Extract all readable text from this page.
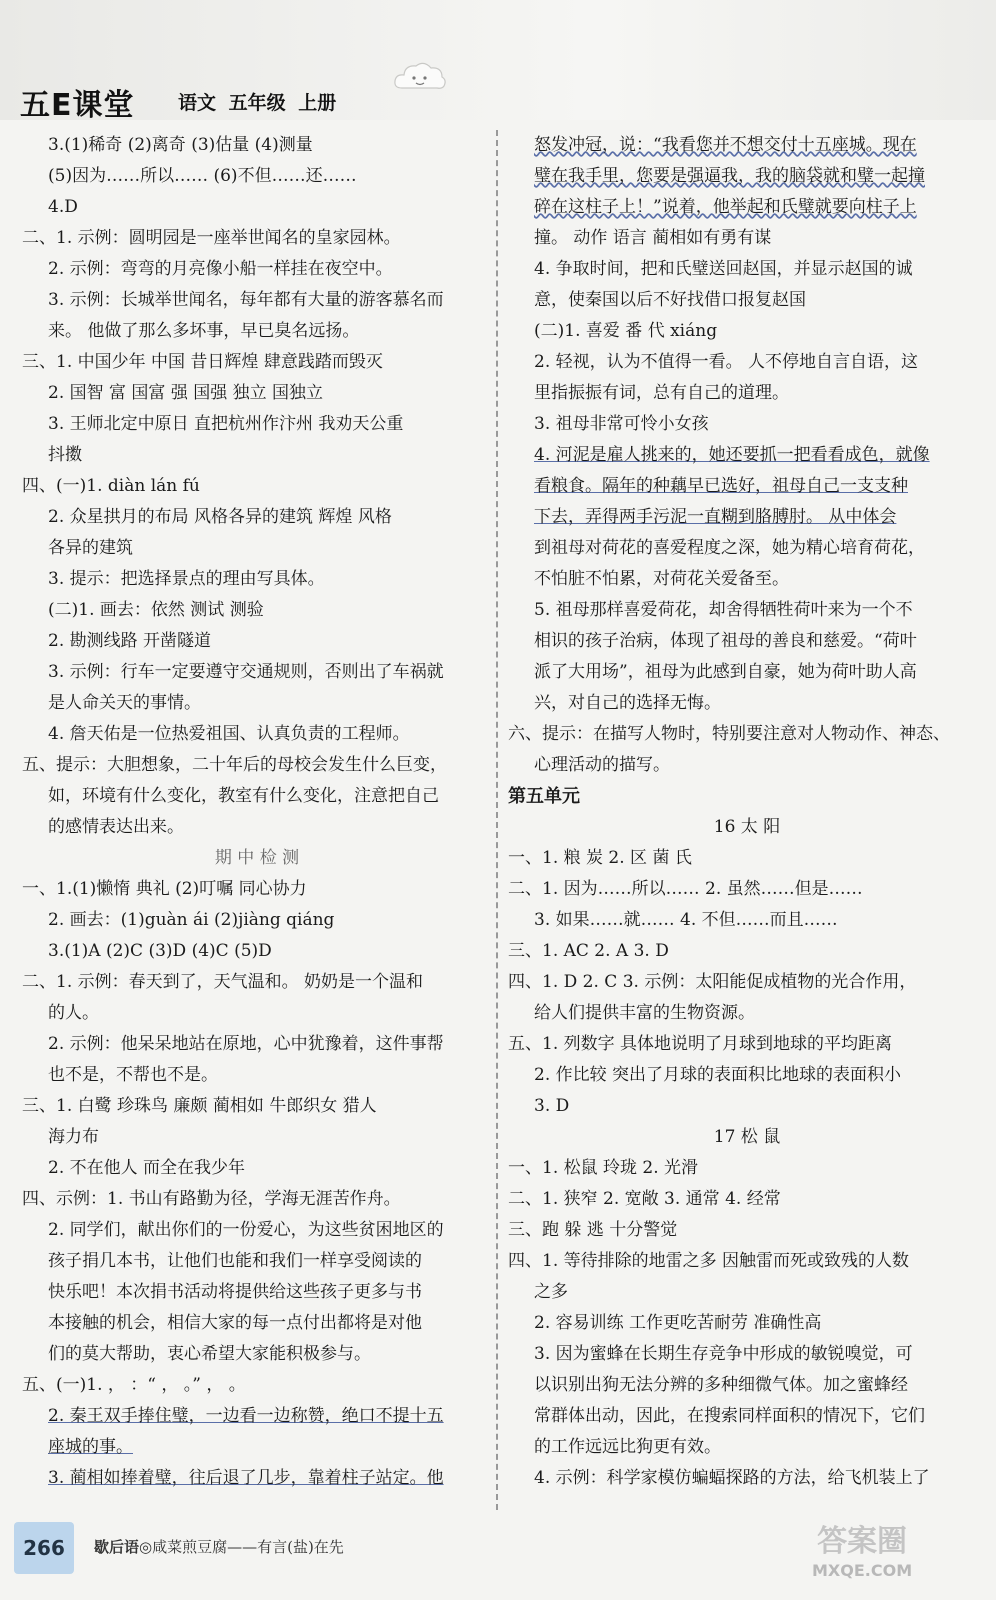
五E课堂 语文 五年级 上册
3.(1)稀奇 (2)离奇 (3)估量 (4)测量
(5)因为……所以…… (6)不但……还……
4.D
二、1. 示例：圆明园是一座举世闻名的皇家园林。
2. 示例：弯弯的月亮像小船一样挂在夜空中。
3. 示例：长城举世闻名，每年都有大量的游客慕名而
来。 他做了那么多坏事，早已臭名远扬。
三、1. 中国少年 中国 昔日辉煌 肆意践踏而毁灭
2. 国智 富 国富 强 国强 独立 国独立
3. 王师北定中原日 直把杭州作汴州 我劝天公重
抖擞
四、(一)1. diàn lán fú
2. 众星拱月的布局 风格各异的建筑 辉煌 风格
各异的建筑
3. 提示：把选择景点的理由写具体。
(二)1. 画去：依然 测试 测验
2. 勘测线路 开凿隧道
3. 示例：行车一定要遵守交通规则，否则出了车祸就
是人命关天的事情。
4. 詹天佑是一位热爱祖国、认真负责的工程师。
五、提示：大胆想象，二十年后的母校会发生什么巨变，
如，环境有什么变化，教室有什么变化，注意把自己
的感情表达出来。
期 中 检 测
一、1.(1)懒惰 典礼 (2)叮嘱 同心协力
2. 画去：(1)guàn ái (2)jiàng qiáng
3.(1)A (2)C (3)D (4)C (5)D
二、1. 示例：春天到了，天气温和。 奶奶是一个温和
的人。
2. 示例：他呆呆地站在原地，心中犹豫着，这件事帮
也不是，不帮也不是。
三、1. 白鹭 珍珠鸟 廉颇 蔺相如 牛郎织女 猎人
海力布
2. 不在他人 而全在我少年
四、示例：1. 书山有路勤为径，学海无涯苦作舟。
2. 同学们，献出你们的一份爱心，为这些贫困地区的
孩子捐几本书，让他们也能和我们一样享受阅读的
快乐吧！本次捐书活动将提供给这些孩子更多与书
本接触的机会，相信大家的每一点付出都将是对他
们的莫大帮助，衷心希望大家能积极参与。
五、(一)1. ， ：“ ， 。” ， 。
2. 秦王双手捧住璧，一边看一边称赞，绝口不提十五
座城的事。
3. 蔺相如捧着璧，往后退了几步，靠着柱子站定。他
怒发冲冠，说：“我看您并不想交付十五座城。现在
璧在我手里，您要是强逼我，我的脑袋就和璧一起撞
碎在这柱子上！”说着，他举起和氏璧就要向柱子上
撞。 动作 语言 蔺相如有勇有谋
4. 争取时间，把和氏璧送回赵国，并显示赵国的诚
意，使秦国以后不好找借口报复赵国
(二)1. 喜爱 番 代 xiáng
2. 轻视，认为不值得一看。 人不停地自言自语，这
里指振振有词，总有自己的道理。
3. 祖母非常可怜小女孩
4. 河泥是雇人挑来的，她还要抓一把看看成色，就像
看粮食。隔年的种藕早已选好，祖母自己一支支种
下去，弄得两手污泥一直糊到胳膊肘。 从中体会
到祖母对荷花的喜爱程度之深，她为精心培育荷花，
不怕脏不怕累，对荷花关爱备至。
5. 祖母那样喜爱荷花，却舍得牺牲荷叶来为一个不
相识的孩子治病，体现了祖母的善良和慈爱。“荷叶
派了大用场”，祖母为此感到自豪，她为荷叶助人高
兴，对自己的选择无悔。
六、提示：在描写人物时，特别要注意对人物动作、神态、
心理活动的描写。
第五单元
16 太 阳
一、1. 粮 炭 2. 区 菌 氏
二、1. 因为……所以…… 2. 虽然……但是……
3. 如果……就…… 4. 不但……而且……
三、1. AC 2. A 3. D
四、1. D 2. C 3. 示例：太阳能促成植物的光合作用，
给人们提供丰富的生物资源。
五、1. 列数字 具体地说明了月球到地球的平均距离
2. 作比较 突出了月球的表面积比地球的表面积小
3. D
17 松 鼠
一、1. 松鼠 玲珑 2. 光滑
二、1. 狭窄 2. 宽敞 3. 通常 4. 经常
三、跑 躲 逃 十分警觉
四、1. 等待排除的地雷之多 因触雷而死或致残的人数
之多
2. 容易训练 工作更吃苦耐劳 准确性高
3. 因为蜜蜂在长期生存竞争中形成的敏锐嗅觉，可
以识别出狗无法分辨的多种细微气体。加之蜜蜂经
常群体出动，因此，在搜索同样面积的情况下，它们
的工作远远比狗更有效。
4. 示例：科学家模仿蝙蝠探路的方法，给飞机装上了
266	歇后语◎咸菜煎豆腐——有言(盐)在先	答案圈
MXQE.COM
